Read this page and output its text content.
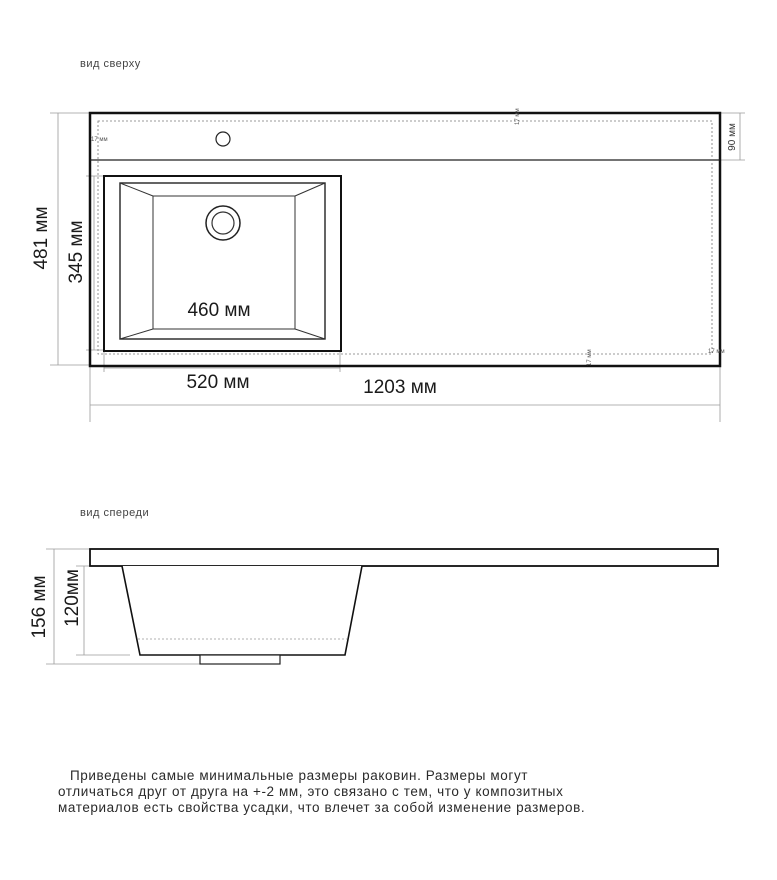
вид сверху
17 мм
17 мм
17 мм
17 мм
481 мм 345 мм
460 мм
520 мм	1203 мм
90 мм
вид спереди
156 мм 120мм
Приведены самые минимальные размеры раковин. Размеры могут
отличаться друг от друга на +-2 мм, это связано с тем, что у композитных
материалов есть свойства усадки, что влечет за собой изменение размеров.
